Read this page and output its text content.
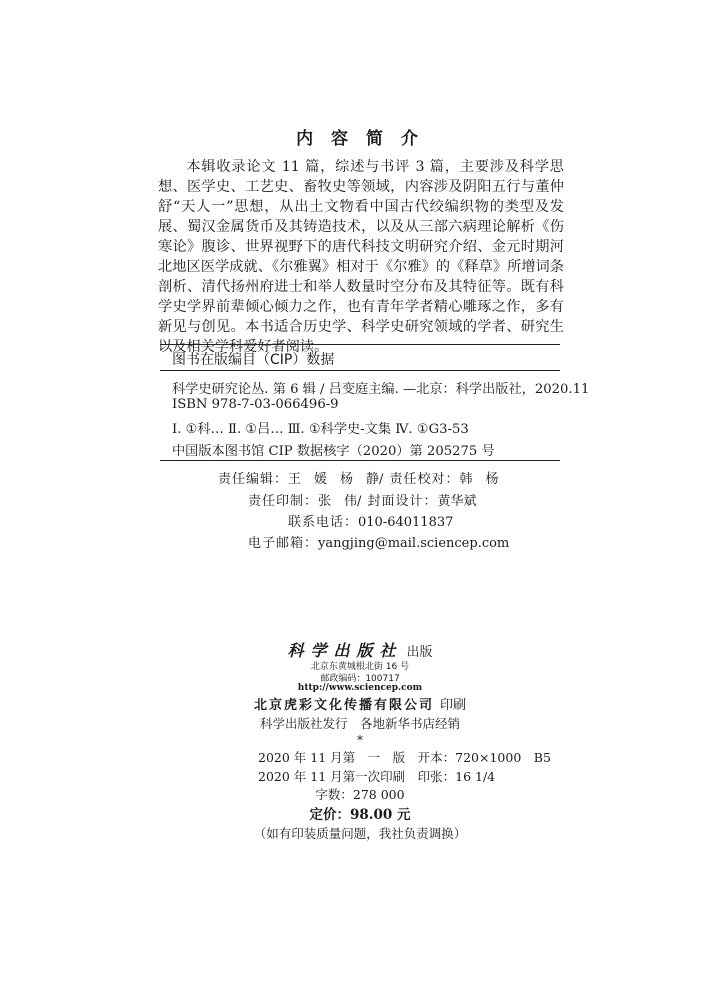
内 容 简 介

本辑收录论文 11 篇，综述与书评 3 篇，主要涉及科学思想、医学史、工艺史、畜牧史等领域，内容涉及阴阳五行与董仲舒“天人一”思想，从出土文物看中国古代绞编织物的类型及发展、蜀汉金属货币及其铸造技术，以及从三部六病理论解析《伤寒论》腹诊、世界视野下的唐代科技文明研究介绍、金元时期河北地区医学成就、《尔雅翼》相对于《尔雅》的《释草》所增词条剖析、清代扬州府进士和举人数量时空分布及其特征等。既有科学史学界前辈倾心倾力之作，也有青年学者精心雕琢之作，多有新见与创见。本书适合历史学、科学史研究领域的学者、研究生以及相关学科爱好者阅读。

图书在版编目（CIP）数据
科学史研究论丛. 第 6 辑 / 吕变庭主编. —北京：科学出版社，2020.11
ISBN 978-7-03-066496-9
Ⅰ. ①科… Ⅱ. ①吕… Ⅲ. ①科学史-文集 Ⅳ. ①G3-53
中国版本图书馆 CIP 数据核字（2020）第 205275 号
责任编辑：王　媛　杨　静/ 责任校对：韩　杨
责任印制：张　伟/ 封面设计：黄华斌
联系电话：010-64011837
电子邮箱：yangjing@mail.sciencep.com
科学出版社 出版
北京东黄城根北街 16 号
邮政编码：100717
http://www.sciencep.com
北京虎彩文化传播有限公司 印刷
科学出版社发行　各地新华书店经销
*
2020 年 11 月第　一　版　开本：720×1000　B5
2020 年 11 月第一次印刷　印张：16 1/4
字数：278 000
定价：98.00 元
（如有印装质量问题，我社负责调换）
